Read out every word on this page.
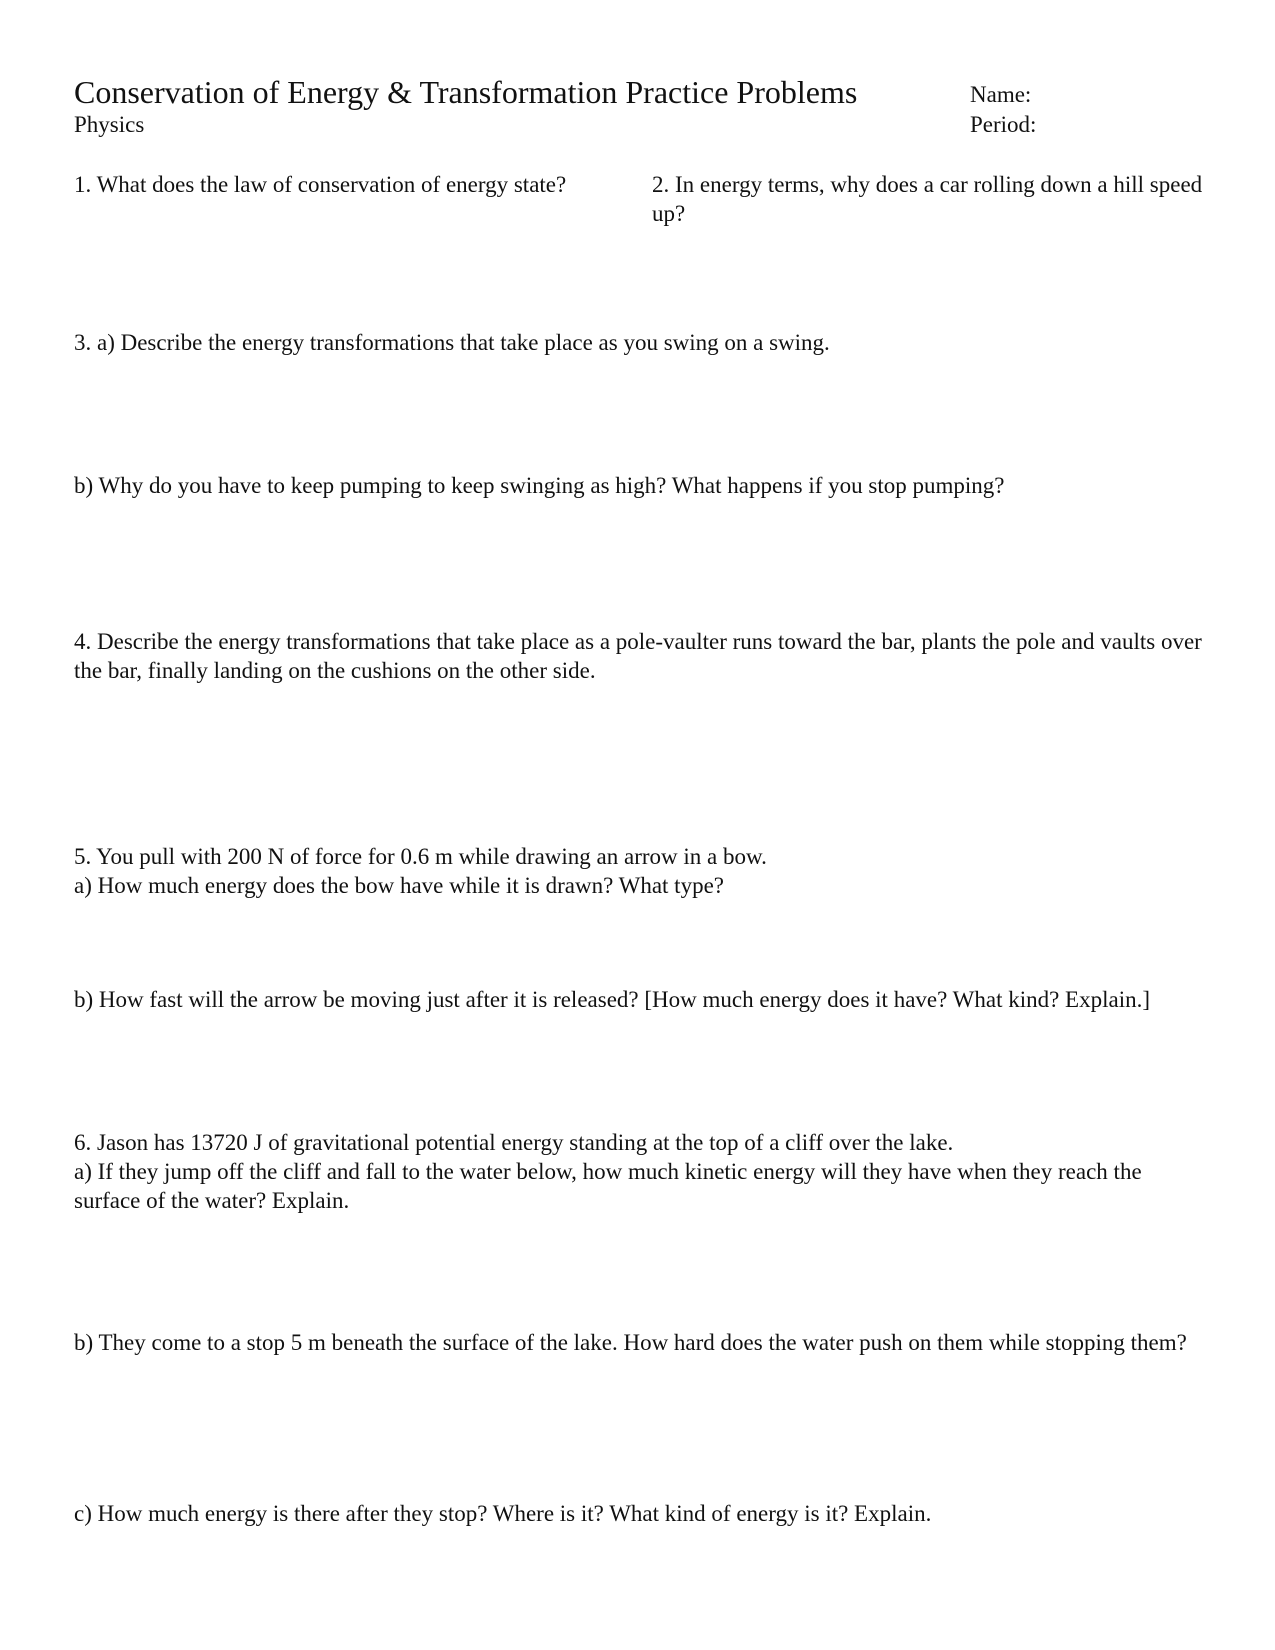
Conservation of Energy & Transformation Practice Problems
Physics
Name:
Period:
1. What does the law of conservation of energy state?	2. In energy terms, why does a car rolling down a hill speed up?
3. a) Describe the energy transformations that take place as you swing on a swing.
b) Why do you have to keep pumping to keep swinging as high? What happens if you stop pumping?
4. Describe the energy transformations that take place as a pole-vaulter runs toward the bar, plants the pole and vaults over the bar, finally landing on the cushions on the other side.
5. You pull with 200 N of force for 0.6 m while drawing an arrow in a bow.
a) How much energy does the bow have while it is drawn? What type?
b) How fast will the arrow be moving just after it is released? [How much energy does it have? What kind? Explain.]
6. Jason has 13720 J of gravitational potential energy standing at the top of a cliff over the lake.
a) If they jump off the cliff and fall to the water below, how much kinetic energy will they have when they reach the surface of the water? Explain.
b) They come to a stop 5 m beneath the surface of the lake. How hard does the water push on them while stopping them?
c) How much energy is there after they stop? Where is it? What kind of energy is it? Explain.
